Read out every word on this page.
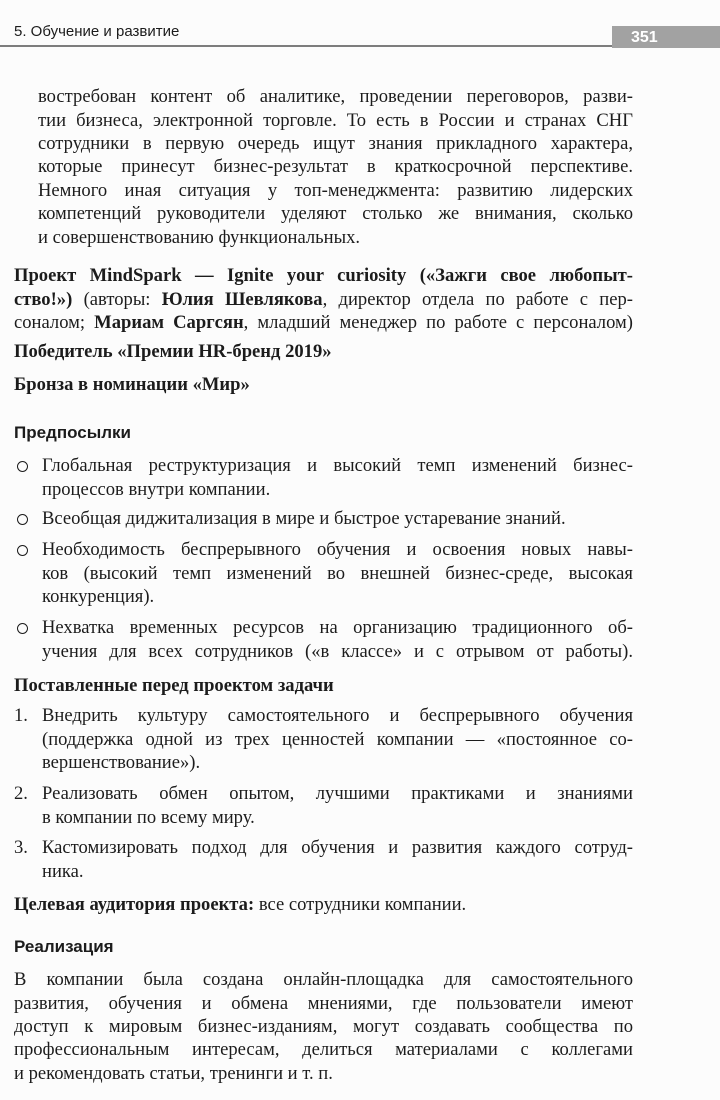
5. Обучение и развитие	351
востребован контент об аналитике, проведении переговоров, разви-
тии бизнеса, электронной торговле. То есть в России и странах СНГ
сотрудники в первую очередь ищут знания прикладного характера,
которые принесут бизнес-результат в краткосрочной перспективе.
Немного иная ситуация у топ-менеджмента: развитию лидерских
компетенций руководители уделяют столько же внимания, сколько
и совершенствованию функциональных.
Проект MindSpark — Ignite your curiosity («Зажги свое любопыт-
ство!») (авторы: Юлия Шевлякова, директор отдела по работе с пер-
соналом; Мариам Саргсян, младший менеджер по работе с персоналом)
Победитель «Премии HR-бренд 2019»
Бронза в номинации «Мир»
Предпосылки
Глобальная реструктуризация и высокий темп изменений бизнес-
процессов внутри компании.
Всеобщая диджитализация в мире и быстрое устаревание знаний.
Необходимость беспрерывного обучения и освоения новых навы-
ков (высокий темп изменений во внешней бизнес-среде, высокая
конкуренция).
Нехватка временных ресурсов на организацию традиционного об-
учения для всех сотрудников («в классе» и с отрывом от работы).
Поставленные перед проектом задачи
1. Внедрить культуру самостоятельного и беспрерывного обучения
(поддержка одной из трех ценностей компании — «постоянное со-
вершенствование»).
2. Реализовать обмен опытом, лучшими практиками и знаниями
в компании по всему миру.
3. Кастомизировать подход для обучения и развития каждого сотруд-
ника.
Целевая аудитория проекта: все сотрудники компании.
Реализация
В компании была создана онлайн-площадка для самостоятельного
развития, обучения и обмена мнениями, где пользователи имеют
доступ к мировым бизнес-изданиям, могут создавать сообщества по
профессиональным интересам, делиться материалами с коллегами
и рекомендовать статьи, тренинги и т. п.
